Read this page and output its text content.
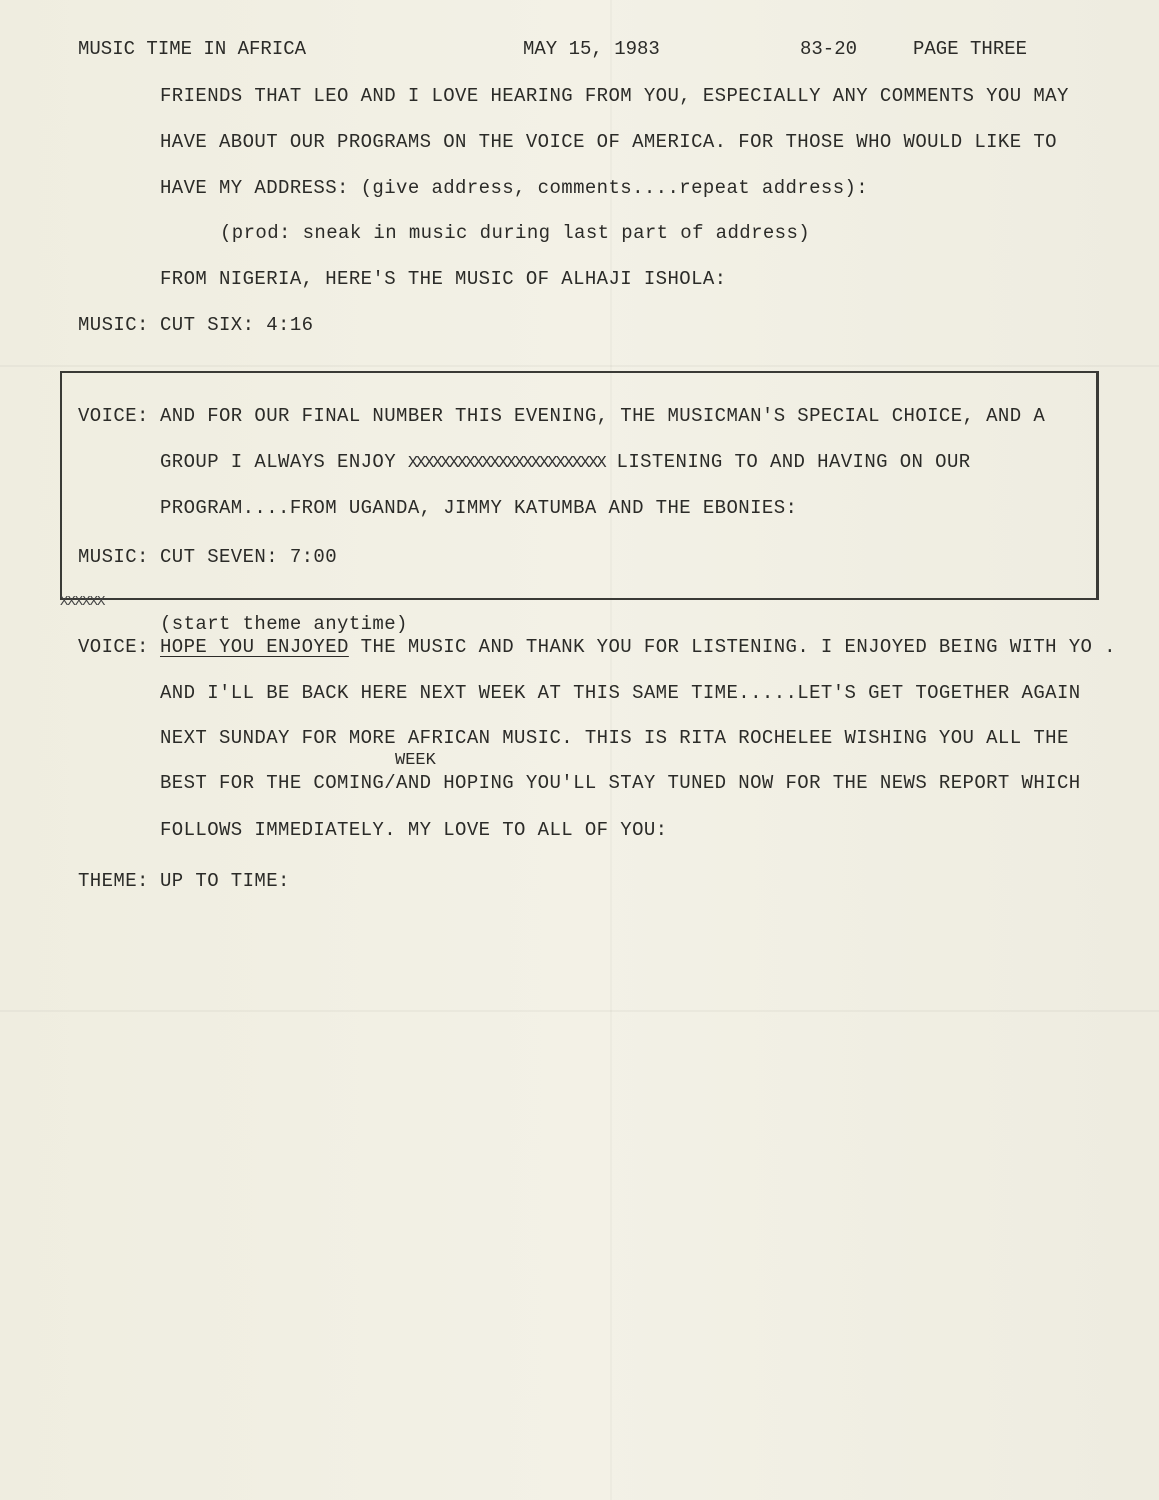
MUSIC TIME IN AFRICA	MAY 15, 1983	83-20	PAGE THREE
FRIENDS THAT LEO AND I LOVE HEARING FROM YOU, ESPECIALLY ANY COMMENTS YOU MAY
HAVE ABOUT OUR PROGRAMS ON THE VOICE OF AMERICA. FOR THOSE WHO WOULD LIKE TO
HAVE MY ADDRESS: (give address, comments....repeat address):
(prod: sneak in music during last part of address)
FROM NIGERIA, HERE'S THE MUSIC OF ALHAJI ISHOLA:
MUSIC: CUT SIX: 4:16
VOICE: AND FOR OUR FINAL NUMBER THIS EVENING, THE MUSICMAN'S SPECIAL CHOICE, AND A
GROUP I ALWAYS ENJOY XXXXXXXXXXXXXXXXXXXXXXXX LISTENING TO AND HAVING ON OUR
PROGRAM....FROM UGANDA, JIMMY KATUMBA AND THE EBONIES:
MUSIC: CUT SEVEN: 7:00
XXXXXX
(start theme anytime)
VOICE: HOPE YOU ENJOYED THE MUSIC AND THANK YOU FOR LISTENING. I ENJOYED BEING WITH YO .
AND I'LL BE BACK HERE NEXT WEEK AT THIS SAME TIME.....LET'S GET TOGETHER AGAIN
NEXT SUNDAY FOR MORE AFRICAN MUSIC. THIS IS RITA ROCHELEE WISHING YOU ALL THE
WEEK
BEST FOR THE COMING/AND HOPING YOU'LL STAY TUNED NOW FOR THE NEWS REPORT WHICH
FOLLOWS IMMEDIATELY. MY LOVE TO ALL OF YOU:
THEME: UP TO TIME:
